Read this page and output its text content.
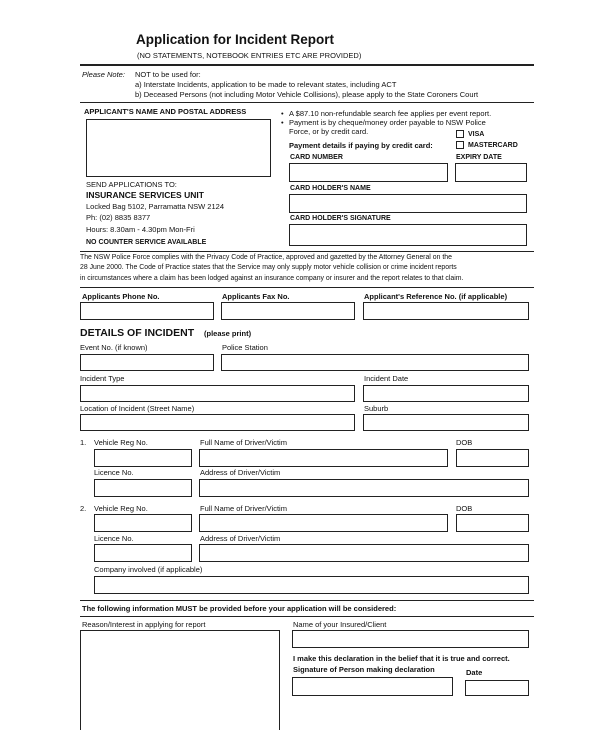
Application for Incident Report
(NO STATEMENTS, NOTEBOOK ENTRIES ETC ARE PROVIDED)
Please Note: NOT to be used for:
a) Interstate Incidents, application to be made to relevant states, including ACT
b) Deceased Persons (not including Motor Vehicle Collisions), please apply to the State Coroners Court
APPLICANT'S NAME AND POSTAL ADDRESS
SEND APPLICATIONS TO:
INSURANCE SERVICES UNIT
Locked Bag 5102, Parramatta NSW 2124
Ph: (02) 8835 8377
Hours: 8.30am - 4.30pm Mon-Fri
NO COUNTER SERVICE AVAILABLE
• A $87.10 non-refundable search fee applies per event report.
• Payment is by cheque/money order payable to NSW Police
Force, or by credit card.	VISA
Payment details if paying by credit card:	MASTERCARD
CARD NUMBER	EXPIRY DATE
CARD HOLDER'S NAME
CARD HOLDER'S SIGNATURE
The NSW Police Force complies with the Privacy Code of Practice, approved and gazetted by the Attorney General on the
28 June 2000. The Code of Practice states that the Service may only supply motor vehicle collision or crime incident reports
in circumstances where a claim has been lodged against an insurance company or insurer and the report relates to that claim.
Applicants Phone No.	Applicants Fax No.	Applicant's Reference No. (if applicable)
DETAILS OF INCIDENT (please print)
Event No. (if known)	Police Station
Incident Type	Incident Date
Location of Incident (Street Name)	Suburb
1. Vehicle Reg No.	Full Name of Driver/Victim	DOB
Licence No.	Address of Driver/Victim
2. Vehicle Reg No.	Full Name of Driver/Victim	DOB
Licence No.	Address of Driver/Victim
Company involved (if applicable)
The following information MUST be provided before your application will be considered:
Reason/Interest in applying for report	Name of your Insured/Client
I make this declaration in the belief that it is true and correct.
Signature of Person making declaration	Date
